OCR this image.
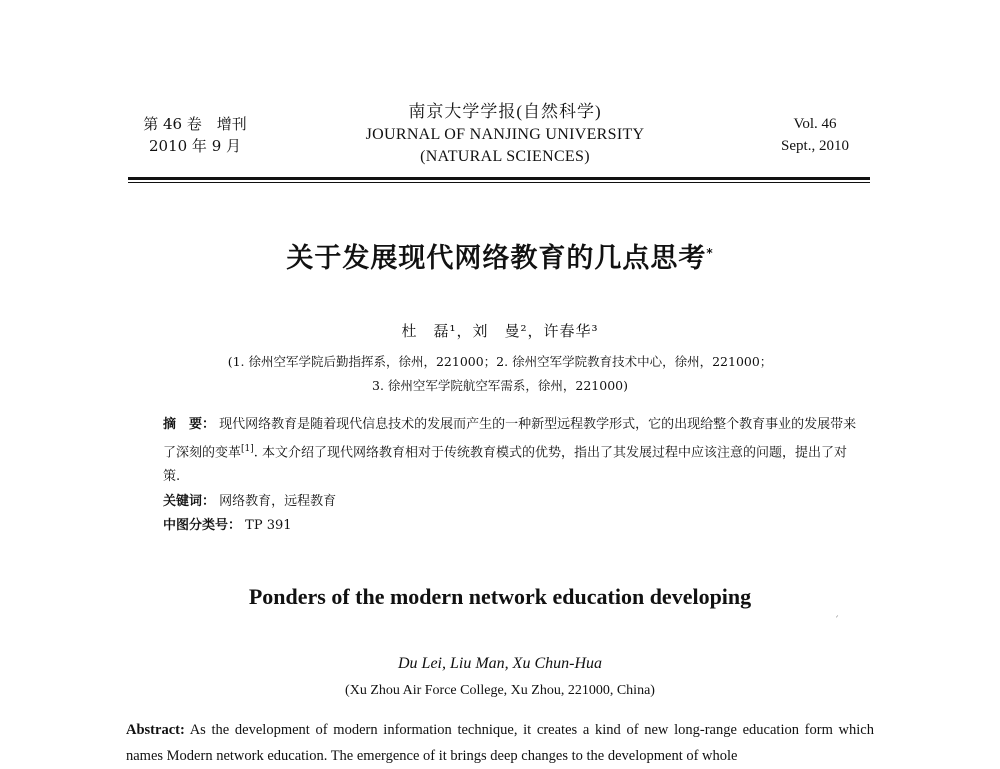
第 46 卷　增刊
2010 年 9 月
南京大学学报(自然科学)
JOURNAL OF NANJING UNIVERSITY
(NATURAL SCIENCES)
Vol. 46
Sept., 2010
关于发展现代网络教育的几点思考*
杜　磊¹，刘　曼²，许春华³
(1. 徐州空军学院后勤指挥系，徐州，221000；2. 徐州空军学院教育技术中心，徐州，221000；
3. 徐州空军学院航空军需系，徐州，221000)
摘　要： 现代网络教育是随着现代信息技术的发展而产生的一种新型远程教学形式，它的出现给整个教育事业的发展带来了深刻的变革[1]. 本文介绍了现代网络教育相对于传统教育模式的优势，指出了其发展过程中应该注意的问题，提出了对策.
关键词： 网络教育，远程教育
中图分类号： TP 391
Ponders of the modern network education developing
´
Du Lei, Liu Man, Xu Chun-Hua
(Xu Zhou Air Force College, Xu Zhou, 221000, China)
Abstract: As the development of modern information technique, it creates a kind of new long-range education form which names Modern network education. The emergence of it brings deep changes to the development of whole
